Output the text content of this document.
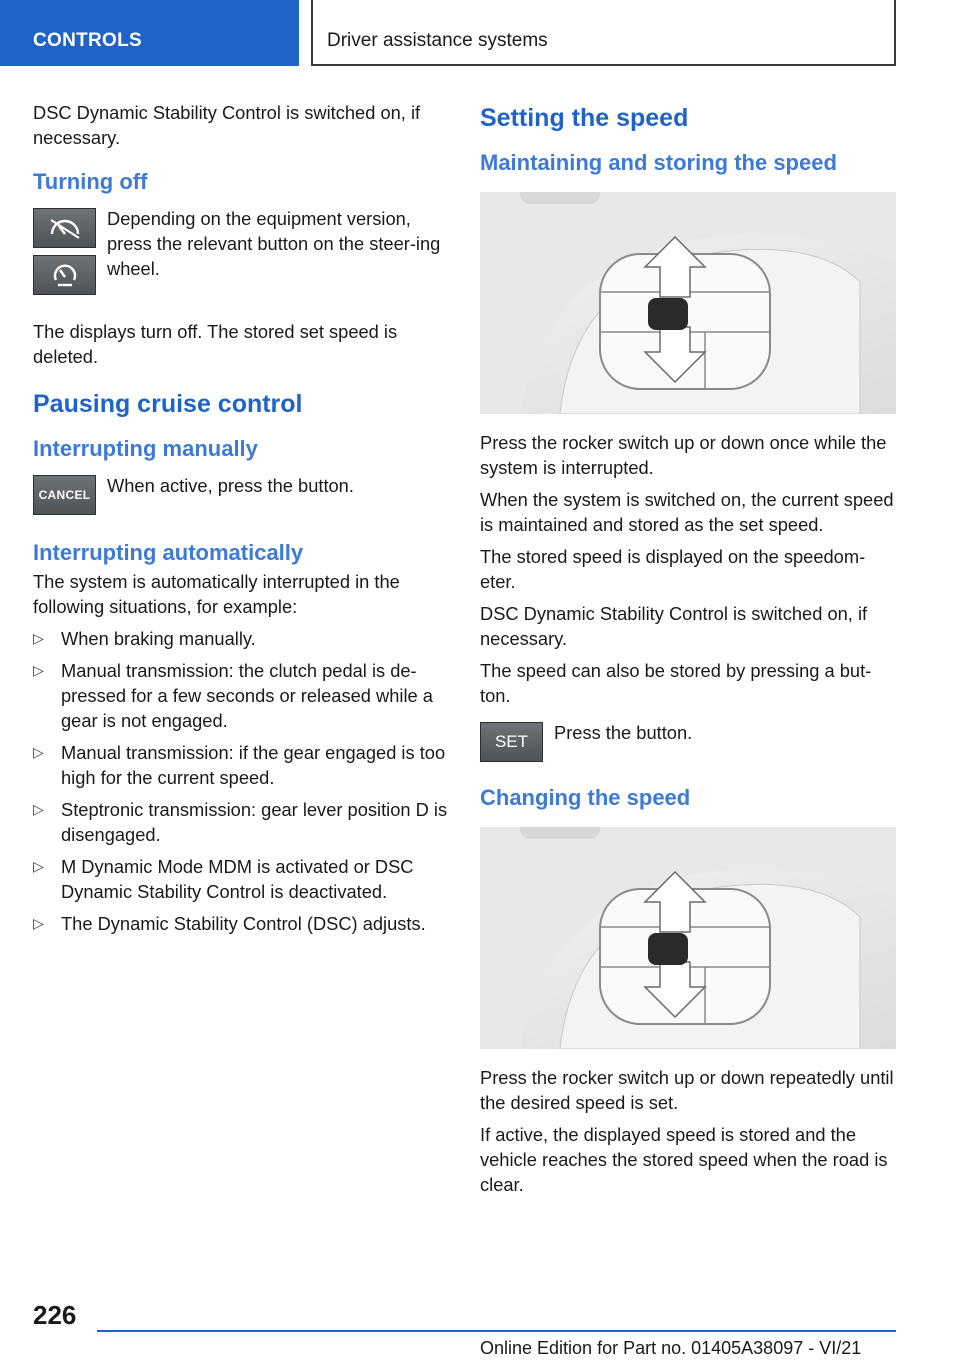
CONTROLS	Driver assistance systems

DSC Dynamic Stability Control is switched on, if necessary.

Turning off

Depending on the equipment version, press the relevant button on the steer‐ing wheel.

The displays turn off. The stored set speed is deleted.

Pausing cruise control
Interrupting manually
CANCEL When active, press the button.

Interrupting automatically

The system is automatically interrupted in the following situations, for example:

▷ When braking manually.
▷ Manual transmission: the clutch pedal is de‐pressed for a few seconds or released while a gear is not engaged.
▷ Manual transmission: if the gear engaged is too high for the current speed.
▷ Steptronic transmission: gear lever position D is disengaged.
▷ M Dynamic Mode MDM is activated or DSC Dynamic Stability Control is deactivated.
▷ The Dynamic Stability Control (DSC) adjusts.
Setting the speed
Maintaining and storing the speed

Press the rocker switch up or down once while the system is interrupted.

When the system is switched on, the current speed is maintained and stored as the set speed.

The stored speed is displayed on the speedom‐eter.

DSC Dynamic Stability Control is switched on, if necessary.

The speed can also be stored by pressing a but‐ton.

SET	Press the button.

Changing the speed

Press the rocker switch up or down repeatedly until the desired speed is set.

If active, the displayed speed is stored and the vehicle reaches the stored speed when the road is clear.

226
Online Edition for Part no. 01405A38097 - VI/21
